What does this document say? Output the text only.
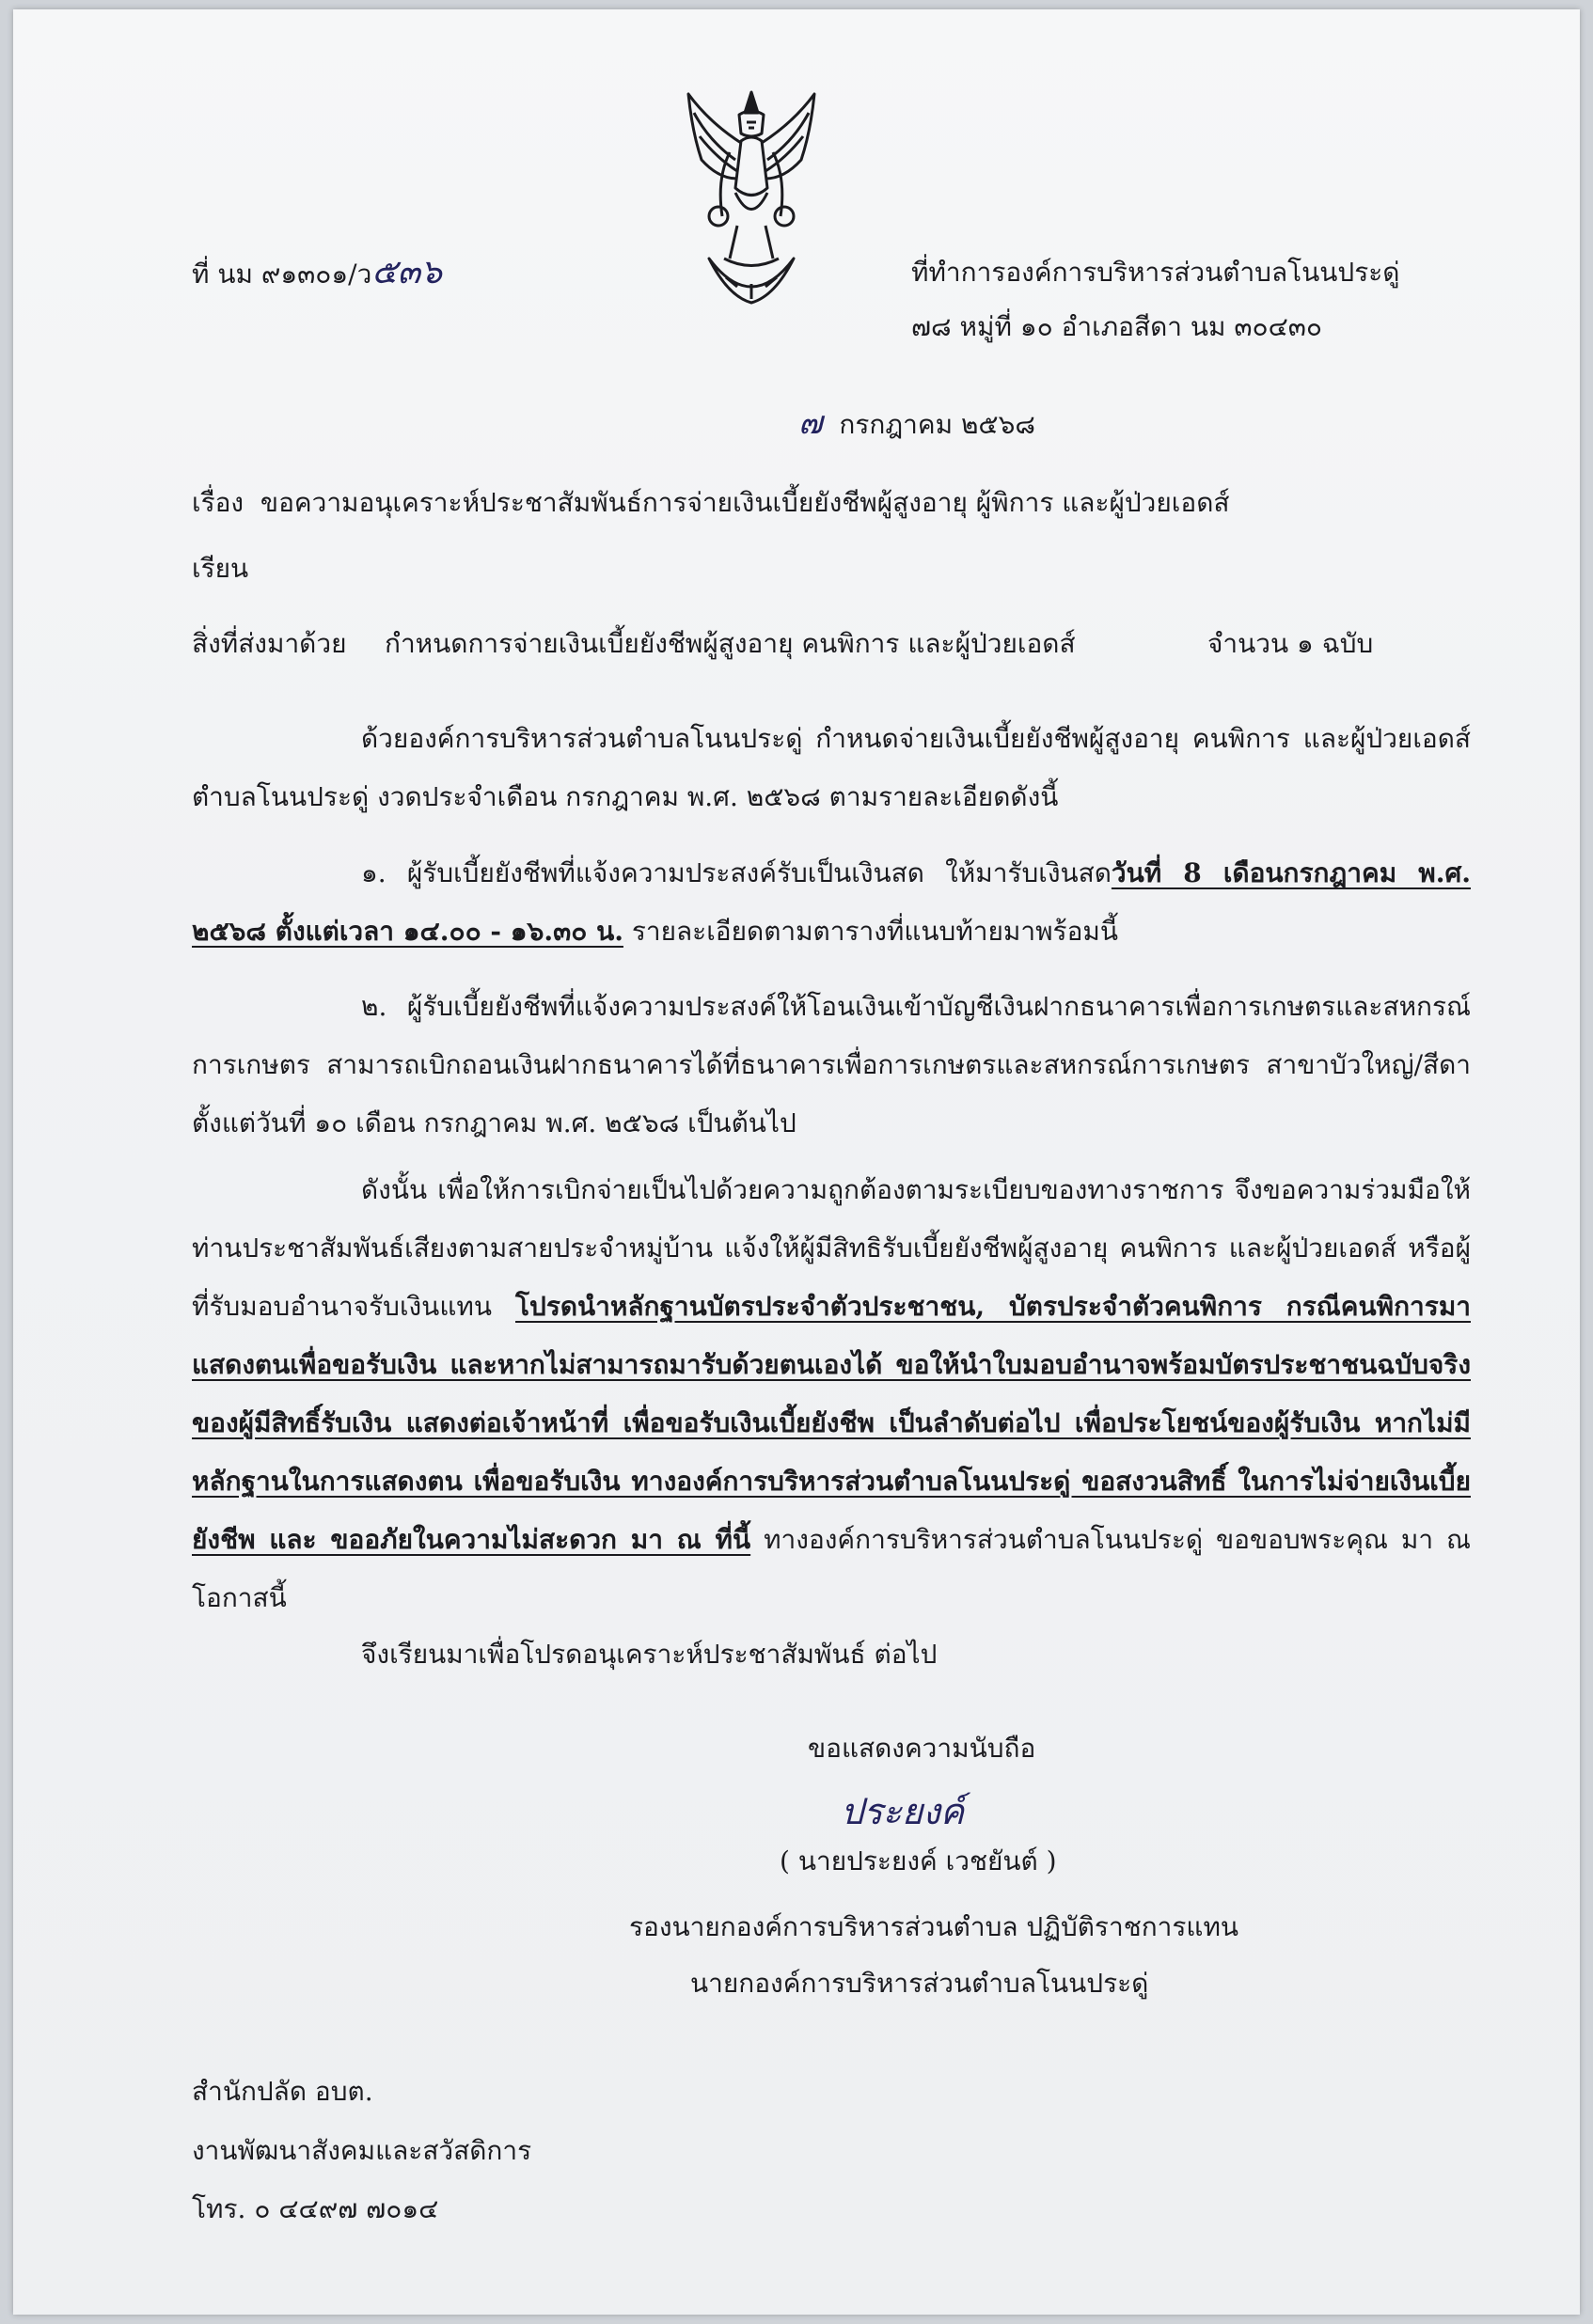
ที่ นม ๙๑๓๐๑/ว๕๓๖	ที่ทำการองค์การบริหารส่วนตำบลโนนประดู่
๗๘ หมู่ที่ ๑๐ อำเภอสีดา นม ๓๐๔๓๐
๗ กรกฎาคม ๒๕๖๘
เรื่อง ขอความอนุเคราะห์ประชาสัมพันธ์การจ่ายเงินเบี้ยยังชีพผู้สูงอายุ ผู้พิการ และผู้ป่วยเอดส์
เรียน
สิ่งที่ส่งมาด้วย กำหนดการจ่ายเงินเบี้ยยังชีพผู้สูงอายุ คนพิการ และผู้ป่วยเอดส์	จำนวน ๑ ฉบับ
ด้วยองค์การบริหารส่วนตำบลโนนประดู่ กำหนดจ่ายเงินเบี้ยยังชีพผู้สูงอายุ คนพิการ และผู้ป่วยเอดส์ ตำบลโนนประดู่ งวดประจำเดือน กรกฎาคม พ.ศ. ๒๕๖๘ ตามรายละเอียดดังนี้
๑. ผู้รับเบี้ยยังชีพที่แจ้งความประสงค์รับเป็นเงินสด ให้มารับเงินสดวันที่ 8 เดือนกรกฎาคม พ.ศ. ๒๕๖๘ ตั้งแต่เวลา ๑๔.๐๐ - ๑๖.๓๐ น. รายละเอียดตามตารางที่แนบท้ายมาพร้อมนี้
๒. ผู้รับเบี้ยยังชีพที่แจ้งความประสงค์ให้โอนเงินเข้าบัญชีเงินฝากธนาคารเพื่อการเกษตรและสหกรณ์การเกษตร สามารถเบิกถอนเงินฝากธนาคารได้ที่ธนาคารเพื่อการเกษตรและสหกรณ์การเกษตร สาขาบัวใหญ่/สีดา ตั้งแต่วันที่ ๑๐ เดือน กรกฎาคม พ.ศ. ๒๕๖๘ เป็นต้นไป
ดังนั้น เพื่อให้การเบิกจ่ายเป็นไปด้วยความถูกต้องตามระเบียบของทางราชการ จึงขอความร่วมมือให้ท่านประชาสัมพันธ์เสียงตามสายประจำหมู่บ้าน แจ้งให้ผู้มีสิทธิรับเบี้ยยังชีพผู้สูงอายุ คนพิการ และผู้ป่วยเอดส์ หรือผู้ที่รับมอบอำนาจรับเงินแทน โปรดนำหลักฐานบัตรประจำตัวประชาชน, บัตรประจำตัวคนพิการ กรณีคนพิการมาแสดงตนเพื่อขอรับเงิน และหากไม่สามารถมารับด้วยตนเองได้ ขอให้นำใบมอบอำนาจพร้อมบัตรประชาชนฉบับจริงของผู้มีสิทธิ์รับเงิน แสดงต่อเจ้าหน้าที่ เพื่อขอรับเงินเบี้ยยังชีพ เป็นลำดับต่อไป เพื่อประโยชน์ของผู้รับเงิน หากไม่มีหลักฐานในการแสดงตน เพื่อขอรับเงิน ทางองค์การบริหารส่วนตำบลโนนประดู่ ขอสงวนสิทธิ์ ในการไม่จ่ายเงินเบี้ยยังชีพ และ ขออภัยในความไม่สะดวก มา ณ ที่นี้ ทางองค์การบริหารส่วนตำบลโนนประดู่ ขอขอบพระคุณ มา ณ โอกาสนี้
จึงเรียนมาเพื่อโปรดอนุเคราะห์ประชาสัมพันธ์ ต่อไป
ขอแสดงความนับถือ
ประยงค์
( นายประยงค์ เวชยันต์ )
รองนายกองค์การบริหารส่วนตำบล ปฏิบัติราชการแทน
นายกองค์การบริหารส่วนตำบลโนนประดู่
สำนักปลัด อบต.
งานพัฒนาสังคมและสวัสดิการ
โทร. ๐ ๔๔๙๗ ๗๐๑๔
